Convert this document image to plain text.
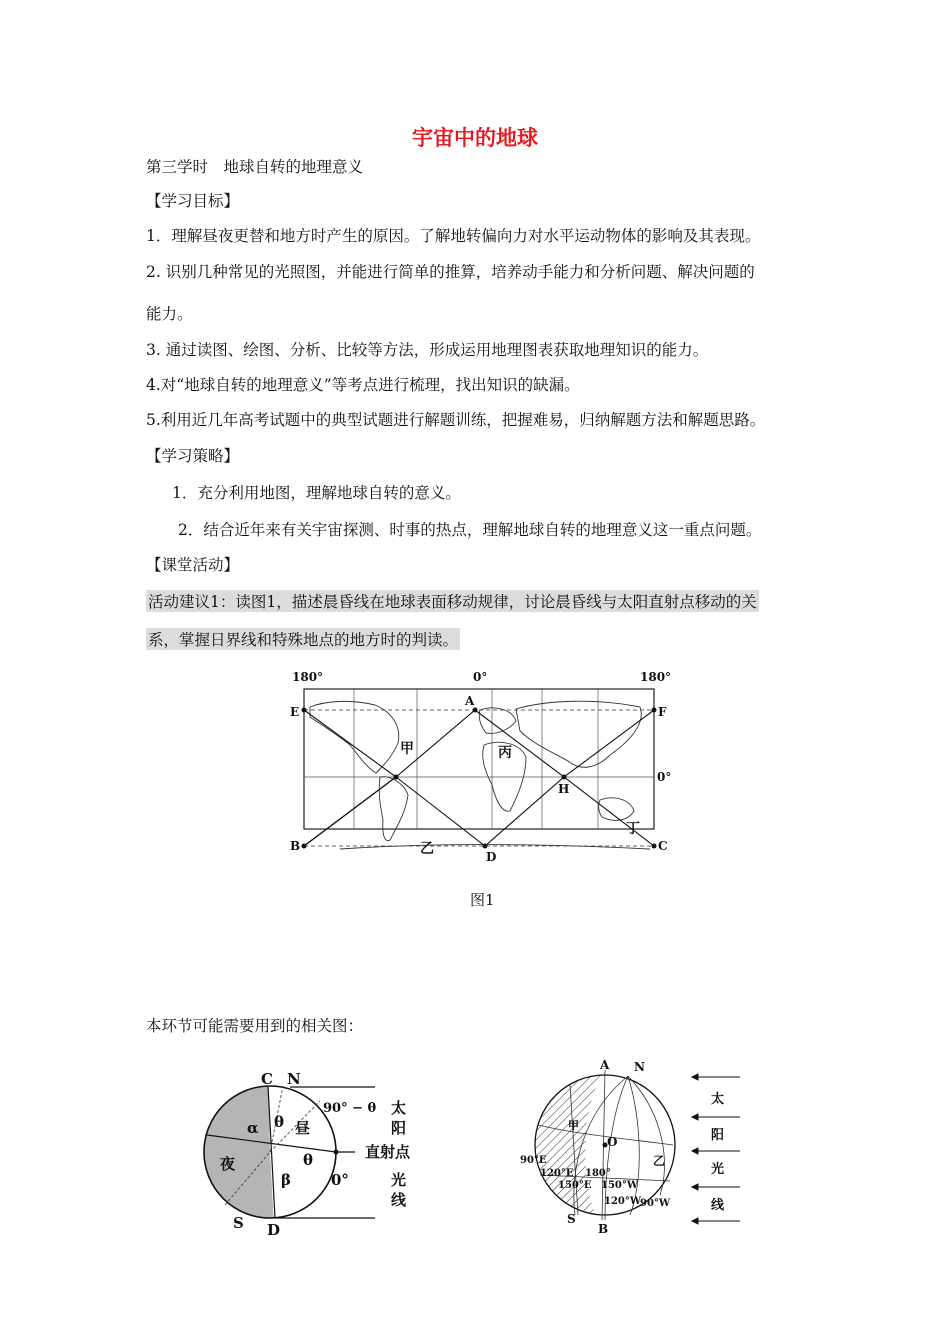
宇宙中的地球
第三学时　地球自转的地理意义
【学习目标】
1．理解昼夜更替和地方时产生的原因。了解地转偏向力对水平运动物体的影响及其表现。
2. 识别几种常见的光照图，并能进行简单的推算，培养动手能力和分析问题、解决问题的
能力。
3. 通过读图、绘图、分析、比较等方法，形成运用地理图表获取地理知识的能力。
4.对“地球自转的地理意义”等考点进行梳理，找出知识的缺漏。
5.利用近几年高考试题中的典型试题进行解题训练，把握难易，归纳解题方法和解题思路。
【学习策略】
1．充分利用地图，理解地球自转的意义。
2．结合近年来有关宇宙探测、时事的热点，理解地球自转的地理意义这一重点问题。
【课堂活动】
活动建议1：读图1，描述晨昏线在地球表面移动规律，讨论晨昏线与太阳直射点移动的关
系，掌握日界线和特殊地点的地方时的判读。
本环节可能需要用到的相关图：
180°	0°	180°
0°
E	F
B	C
A
D
H
甲	丙
乙
丁
图1
C N
S D
90° − θ
α θ
θ
β
昼
夜
直射点
0°
太
阳
光
线
A N
O
S
B
甲
乙
90°E
120°E 180°
150°E 150°W
120°W
90°W
太
阳
光
线
